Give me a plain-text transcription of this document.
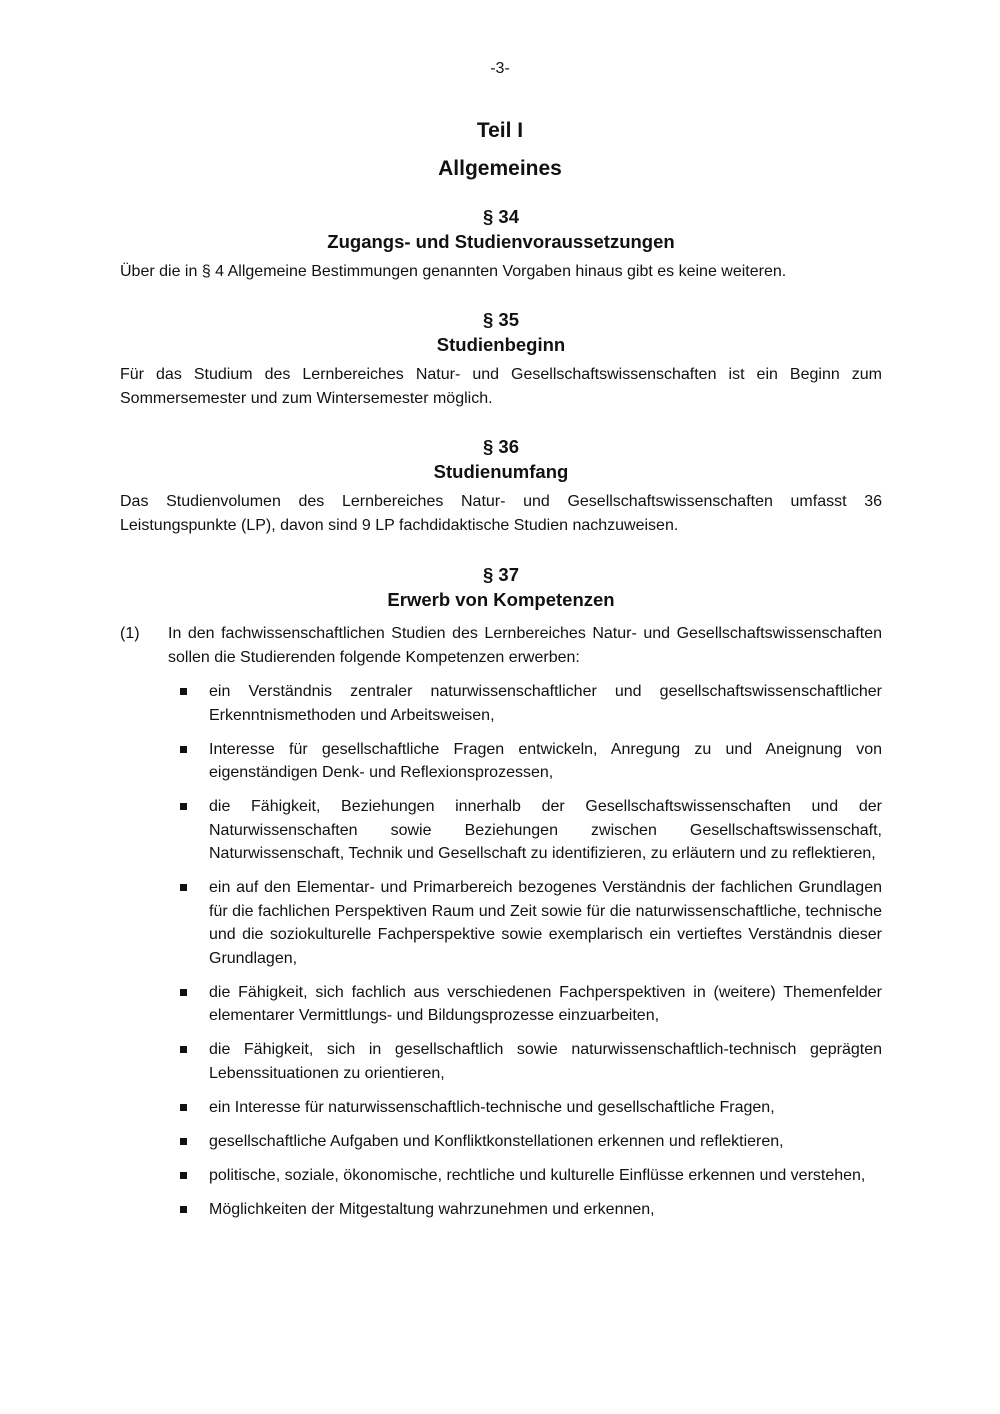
-3-
Teil I
Allgemeines
§ 34
Zugangs- und Studienvoraussetzungen
Über die in § 4 Allgemeine Bestimmungen genannten Vorgaben hinaus gibt es keine weiteren.
§ 35
Studienbeginn
Für das Studium des Lernbereiches Natur- und Gesellschaftswissenschaften ist ein Beginn zum Sommersemester und zum Wintersemester möglich.
§ 36
Studienumfang
Das Studienvolumen des Lernbereiches Natur- und Gesellschaftswissenschaften umfasst 36 Leistungspunkte (LP), davon sind 9 LP fachdidaktische Studien nachzuweisen.
§ 37
Erwerb von Kompetenzen
(1) In den fachwissenschaftlichen Studien des Lernbereiches Natur- und Gesellschaftswissenschaften sollen die Studierenden folgende Kompetenzen erwerben:
ein Verständnis zentraler naturwissenschaftlicher und gesellschaftswissenschaftlicher Erkenntnismethoden und Arbeitsweisen,
Interesse für gesellschaftliche Fragen entwickeln, Anregung zu und Aneignung von eigenständigen Denk- und Reflexionsprozessen,
die Fähigkeit, Beziehungen innerhalb der Gesellschaftswissenschaften und der Naturwissenschaften sowie Beziehungen zwischen Gesellschaftswissenschaft, Naturwissenschaft, Technik und Gesellschaft zu identifizieren, zu erläutern und zu reflektieren,
ein auf den Elementar- und Primarbereich bezogenes Verständnis der fachlichen Grundlagen für die fachlichen Perspektiven Raum und Zeit sowie für die naturwissenschaftliche, technische und die soziokulturelle Fachperspektive sowie exemplarisch ein vertieftes Verständnis dieser Grundlagen,
die Fähigkeit, sich fachlich aus verschiedenen Fachperspektiven in (weitere) Themenfelder elementarer Vermittlungs- und Bildungsprozesse einzuarbeiten,
die Fähigkeit, sich in gesellschaftlich sowie naturwissenschaftlich-technisch geprägten Lebenssituationen zu orientieren,
ein Interesse für naturwissenschaftlich-technische und gesellschaftliche Fragen,
gesellschaftliche Aufgaben und Konfliktkonstellationen erkennen und reflektieren,
politische, soziale, ökonomische, rechtliche und kulturelle Einflüsse erkennen und verstehen,
Möglichkeiten der Mitgestaltung wahrzunehmen und erkennen,
